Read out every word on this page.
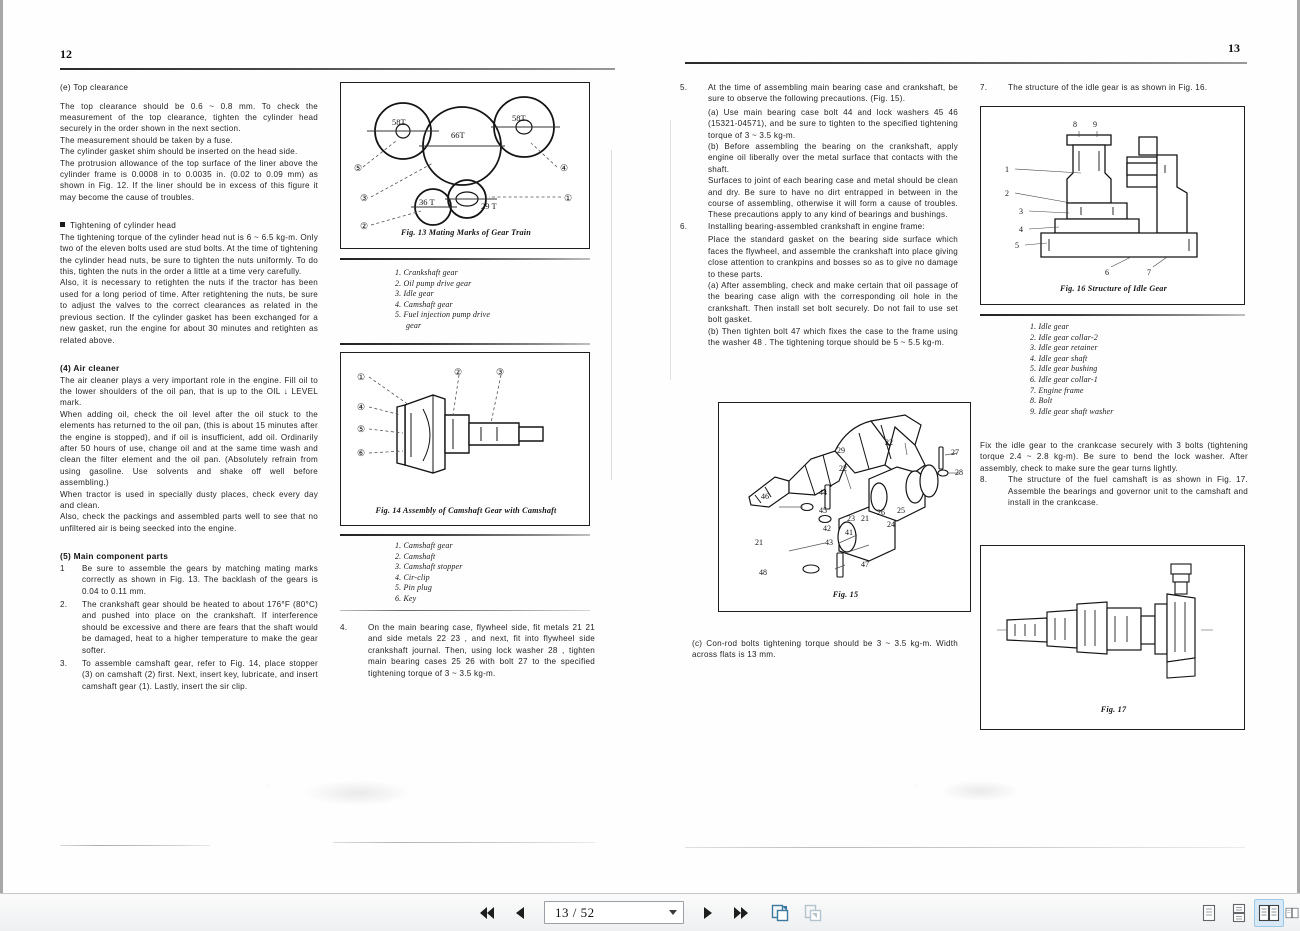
12

(e) Top clearance

The top clearance should be 0.6 ~ 0.8 mm. To check the measurement of the top clearance, tighten the cylinder head securely in the order shown in the next section.

The measurement should be taken by a fuse.

The cylinder gasket shim should be inserted on the head side.

The protrusion allowance of the top surface of the liner above the cylinder frame is 0.0008 in to 0.0035 in. (0.02 to 0.09 mm) as shown in Fig. 12. If the liner should be in excess of this figure it may become the cause of troubles.

Tightening of cylinder head

The tightening torque of the cylinder head nut is 6 ~ 6.5 kg-m. Only two of the eleven bolts used are stud bolts. At the time of tightening the cylinder head nuts, be sure to tighten the nuts uniformly. To do this, tighten the nuts in the order a little at a time very carefully.

Also, it is necessary to retighten the nuts if the tractor has been used for a long period of time. After retightening the nuts, be sure to adjust the valves to the correct clearances as related in the previous section. If the cylinder gasket has been exchanged for a new gasket, run the engine for about 30 minutes and retighten as related above.

(4) Air cleaner

The air cleaner plays a very important role in the engine. Fill oil to the lower shoulders of the oil pan, that is up to the OIL ↓ LEVEL mark.

When adding oil, check the oil level after the oil stuck to the elements has returned to the oil pan, (this is about 15 minutes after the engine is stopped), and if oil is insufficient, add oil. Ordinarily after 50 hours of use, change oil and at the same time wash and clean the filter element and the oil pan. (Absolutely refrain from using gasoline. Use solvents and shake off well before assembling.)

When tractor is used in specially dusty places, check every day and clean.

Also, check the packings and assembled parts well to see that no unfiltered air is being seecked into the engine.

(5) Main component parts

1	Be sure to assemble the gears by matching mating marks correctly as shown in Fig. 13. The backlash of the gears is 0.04 to 0.11 mm.
2.	The crankshaft gear should be heated to about 176°F (80°C) and pushed into place on the crankshaft. If interference should be excessive and there are fears that the shaft would be damaged, heat to a higher temperature to make the gear softer.
3.	To assemble camshaft gear, refer to Fig. 14, place stopper (3) on camshaft (2) first. Next, insert key, lubricate, and insert camshaft gear (1). Lastly, insert the sir clip.
58T	58T
66T
36 T	29 T
⑤
③
②
④
①
Fig. 13 Mating Marks of Gear Train
1. Crankshaft gear
2. Oil pump drive gear
3. Idle gear
4. Camshaft gear
5. Fuel injection pump drive
gear
①
④
⑤
⑥
②	③
Fig. 14 Assembly of Camshaft Gear with Camshaft
1. Camshaft gear
2. Camshaft
3. Camshaft stopper
4. Cir-clip
5. Pin plug
6. Key
4.	On the main bearing case, flywheel side, fit metals 21 21 and side metals 22 23 , and next, fit into flywheel side crankshaft journal. Then, using lock washer 28 , tighten main bearing cases 25 26 with bolt 27 to the specified tightening torque of 3 ~ 3.5 kg-m.
13
5.	At the time of assembling main bearing case and crankshaft, be sure to observe the following precautions. (Fig. 15).

(a) Use main bearing case bolt 44 and lock washers 45 46 (15321-04571), and be sure to tighten to the specified tightening torque of 3 ~ 3.5 kg-m.

(b) Before assembling the bearing on the crankshaft, apply engine oil liberally over the metal surface that contacts with the shaft.

Surfaces to joint of each bearing case and metal should be clean and dry. Be sure to have no dirt entrapped in between in the course of assembling, otherwise it will form a cause of troubles. These precautions apply to any kind of bearings and bushings.

6.	Installing bearing-assembled crankshaft in engine frame:

Place the standard gasket on the bearing side surface which faces the flywheel, and assemble the crankshaft into place giving close attention to crankpins and bosses so as to give no damage to these parts.

(a) After assembling, check and make certain that oil passage of the bearing case align with the corresponding oil hole in the crankshaft. Then install set bolt securely. Do not fail to use set bolt gasket.

(b) Then tighten bolt 47 which fixes the case to the frame using the washer 48 . The tightening torque should be 5 ~ 5.5 kg-m.

29
22
27
28
22
25
26
24
23 21
46	44
45
42 41
43
21
47
48
Fig. 15

(c) Con-rod bolts tightening torque should be 3 ~ 3.5 kg-m. Width across flats is 13 mm.

7.	The structure of the idle gear is as shown in Fig. 16.
8 9
1
2
3
4
5
6	7
Fig. 16 Structure of Idle Gear
1. Idle gear
2. Idle gear collar-2
3. Idle gear retainer
4. Idle gear shaft
5. Idle gear bushing
6. Idle gear collar-1
7. Engine frame
8. Bolt
9. Idle gear shaft washer

Fix the idle gear to the crankcase securely with 3 bolts (tightening torque 2.4 ~ 2.8 kg-m). Be sure to bend the lock washer. After assembly, check to make sure the gear turns lightly.

8.	The structure of the fuel camshaft is as shown in Fig. 17. Assemble the bearings and governor unit to the camshaft and install in the crankcase.
Fig. 17
13 / 52
